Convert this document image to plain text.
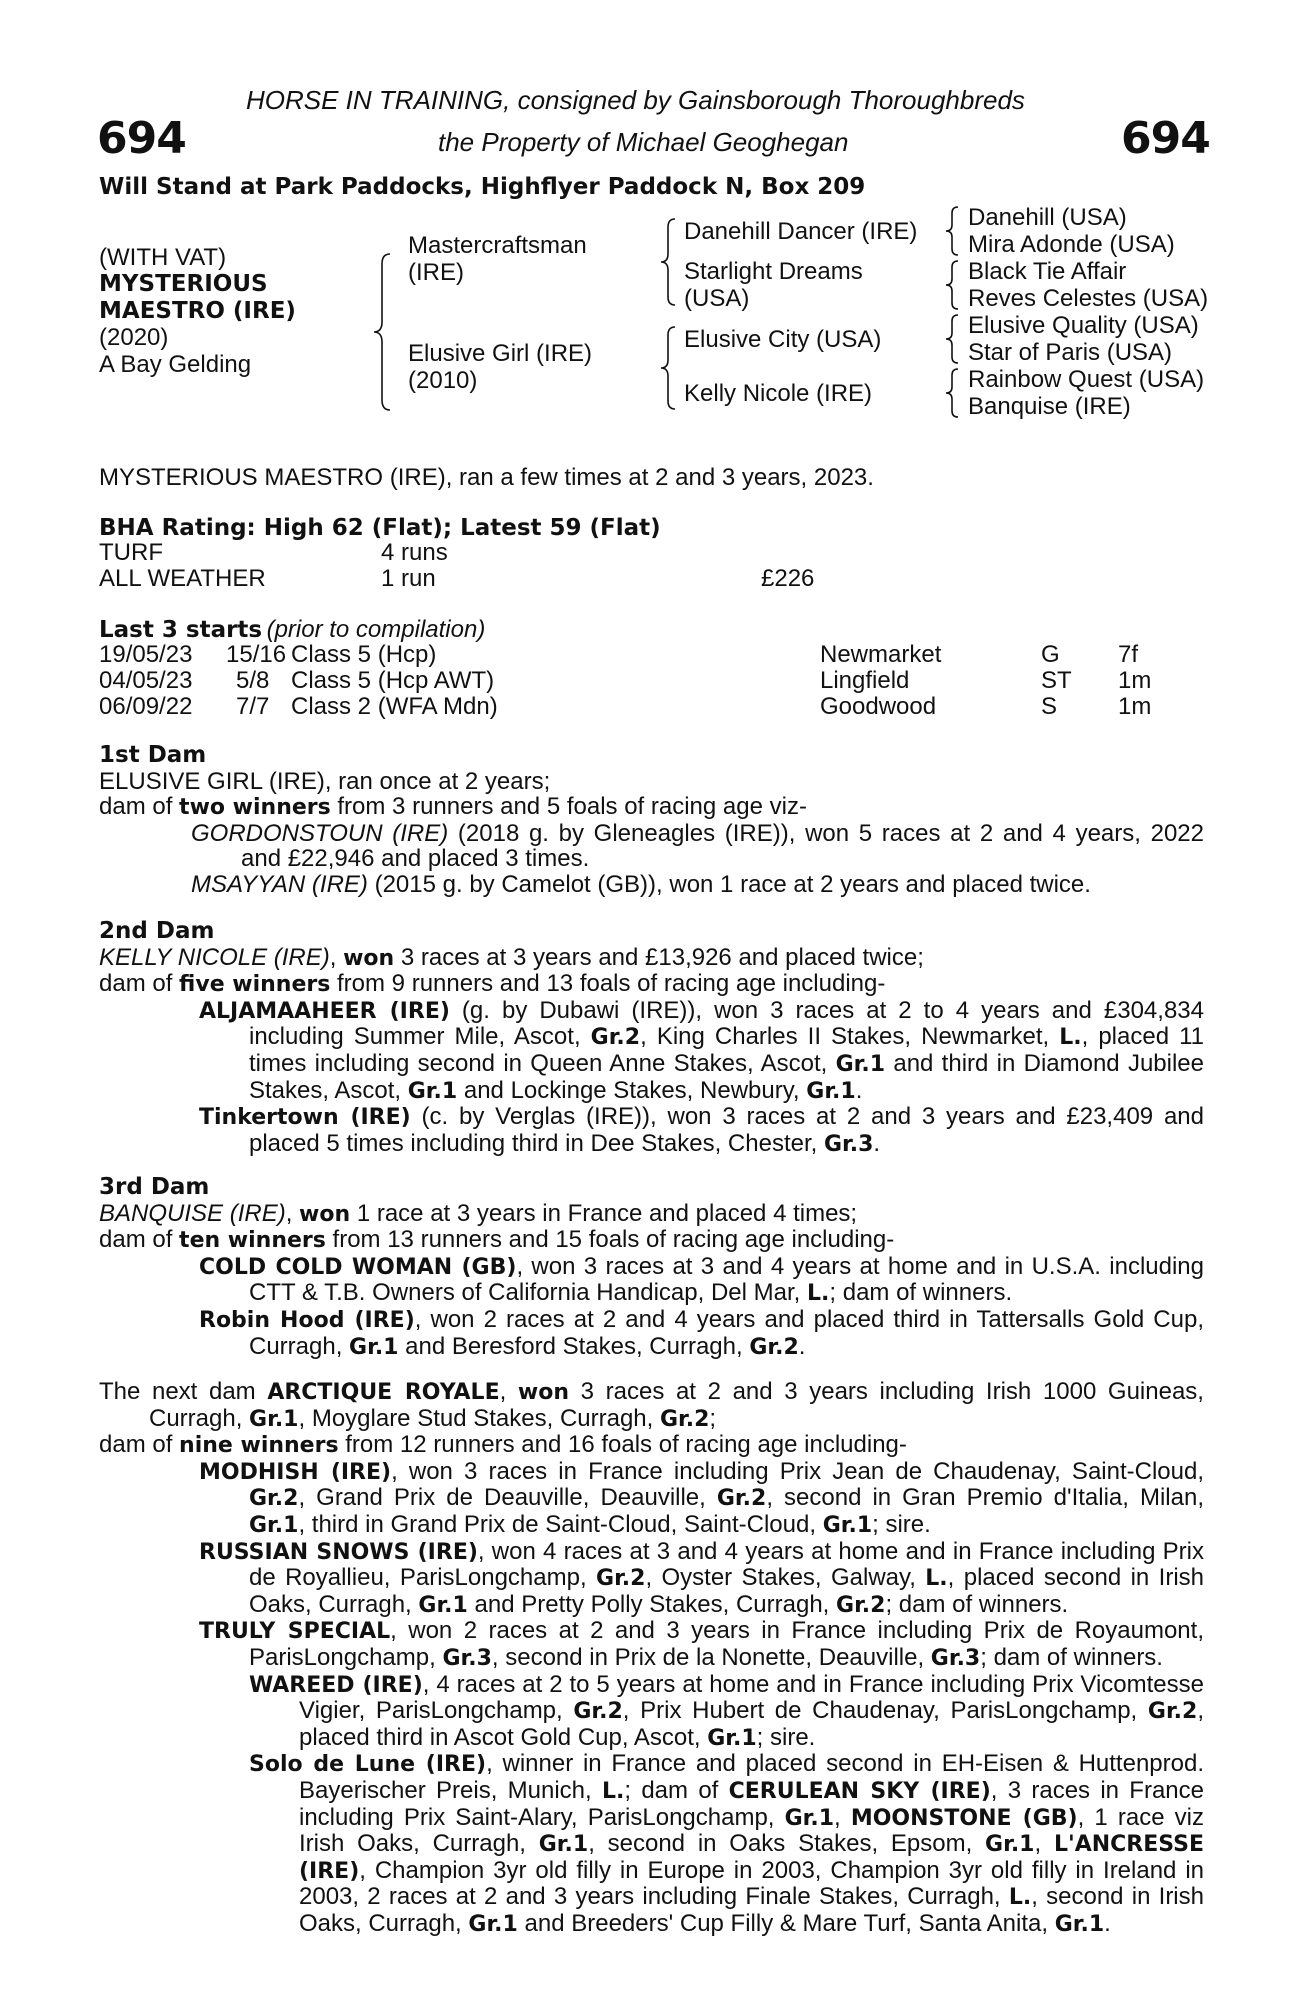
694	694
HORSE IN TRAINING, consigned by Gainsborough Thoroughbreds
the Property of Michael Geoghegan
Will Stand at Park Paddocks, Highflyer Paddock N, Box 209
(WITH VAT)
MYSTERIOUS
MAESTRO (IRE)
(2020)
A Bay Gelding
Mastercraftsman
(IRE)
Elusive Girl (IRE)
(2010)
Danehill Dancer (IRE)
Starlight Dreams
(USA)
Elusive City (USA)
Kelly Nicole (IRE)
Danehill (USA)
Mira Adonde (USA)
Black Tie Affair
Reves Celestes (USA)
Elusive Quality (USA)
Star of Paris (USA)
Rainbow Quest (USA)
Banquise (IRE)
MYSTERIOUS MAESTRO (IRE), ran a few times at 2 and 3 years, 2023.
BHA Rating: High 62 (Flat); Latest 59 (Flat)
TURF	4 runs
ALL WEATHER	1 run	£226
Last 3 starts (prior to compilation)
19/05/23 15/16 Class 5 (Hcp)	Newmarket	G 7f
04/05/23 5/8 Class 5 (Hcp AWT)	Lingfield	ST 1m
06/09/22 7/7 Class 2 (WFA Mdn)	Goodwood	S	1m

1st Dam

ELUSIVE GIRL (IRE), ran once at 2 years;

dam of two winners from 3 runners and 5 foals of racing age viz-

GORDONSTOUN (IRE) (2018 g. by Gleneagles (IRE)), won 5 races at 2 and 4 years, 2022 and £22,946 and placed 3 times.

MSAYYAN (IRE) (2015 g. by Camelot (GB)), won 1 race at 2 years and placed twice.

2nd Dam

KELLY NICOLE (IRE), won 3 races at 3 years and £13,926 and placed twice;

dam of five winners from 9 runners and 13 foals of racing age including-

ALJAMAAHEER (IRE) (g. by Dubawi (IRE)), won 3 races at 2 to 4 years and £304,834 including Summer Mile, Ascot, Gr.2, King Charles II Stakes, Newmarket, L., placed 11 times including second in Queen Anne Stakes, Ascot, Gr.1 and third in Diamond Jubilee Stakes, Ascot, Gr.1 and Lockinge Stakes, Newbury, Gr.1.

Tinkertown (IRE) (c. by Verglas (IRE)), won 3 races at 2 and 3 years and £23,409 and placed 5 times including third in Dee Stakes, Chester, Gr.3.

3rd Dam

BANQUISE (IRE), won 1 race at 3 years in France and placed 4 times;

dam of ten winners from 13 runners and 15 foals of racing age including-

COLD COLD WOMAN (GB), won 3 races at 3 and 4 years at home and in U.S.A. including CTT & T.B. Owners of California Handicap, Del Mar, L.; dam of winners.

Robin Hood (IRE), won 2 races at 2 and 4 years and placed third in Tattersalls Gold Cup, Curragh, Gr.1 and Beresford Stakes, Curragh, Gr.2.

The next dam ARCTIQUE ROYALE, won 3 races at 2 and 3 years including Irish 1000 Guineas, Curragh, Gr.1, Moyglare Stud Stakes, Curragh, Gr.2;

dam of nine winners from 12 runners and 16 foals of racing age including-

MODHISH (IRE), won 3 races in France including Prix Jean de Chaudenay, Saint-Cloud, Gr.2, Grand Prix de Deauville, Deauville, Gr.2, second in Gran Premio d'Italia, Milan, Gr.1, third in Grand Prix de Saint-Cloud, Saint-Cloud, Gr.1; sire.

RUSSIAN SNOWS (IRE), won 4 races at 3 and 4 years at home and in France including Prix de Royallieu, ParisLongchamp, Gr.2, Oyster Stakes, Galway, L., placed second in Irish Oaks, Curragh, Gr.1 and Pretty Polly Stakes, Curragh, Gr.2; dam of winners.

TRULY SPECIAL, won 2 races at 2 and 3 years in France including Prix de Royaumont, ParisLongchamp, Gr.3, second in Prix de la Nonette, Deauville, Gr.3; dam of winners.

WAREED (IRE), 4 races at 2 to 5 years at home and in France including Prix Vicomtesse Vigier, ParisLongchamp, Gr.2, Prix Hubert de Chaudenay, ParisLongchamp, Gr.2, placed third in Ascot Gold Cup, Ascot, Gr.1; sire.

Solo de Lune (IRE), winner in France and placed second in EH-Eisen & Huttenprod. Bayerischer Preis, Munich, L.; dam of CERULEAN SKY (IRE), 3 races in France including Prix Saint-Alary, ParisLongchamp, Gr.1, MOONSTONE (GB), 1 race viz Irish Oaks, Curragh, Gr.1, second in Oaks Stakes, Epsom, Gr.1, L'ANCRESSE (IRE), Champion 3yr old filly in Europe in 2003, Champion 3yr old filly in Ireland in 2003, 2 races at 2 and 3 years including Finale Stakes, Curragh, L., second in Irish Oaks, Curragh, Gr.1 and Breeders' Cup Filly & Mare Turf, Santa Anita, Gr.1.
